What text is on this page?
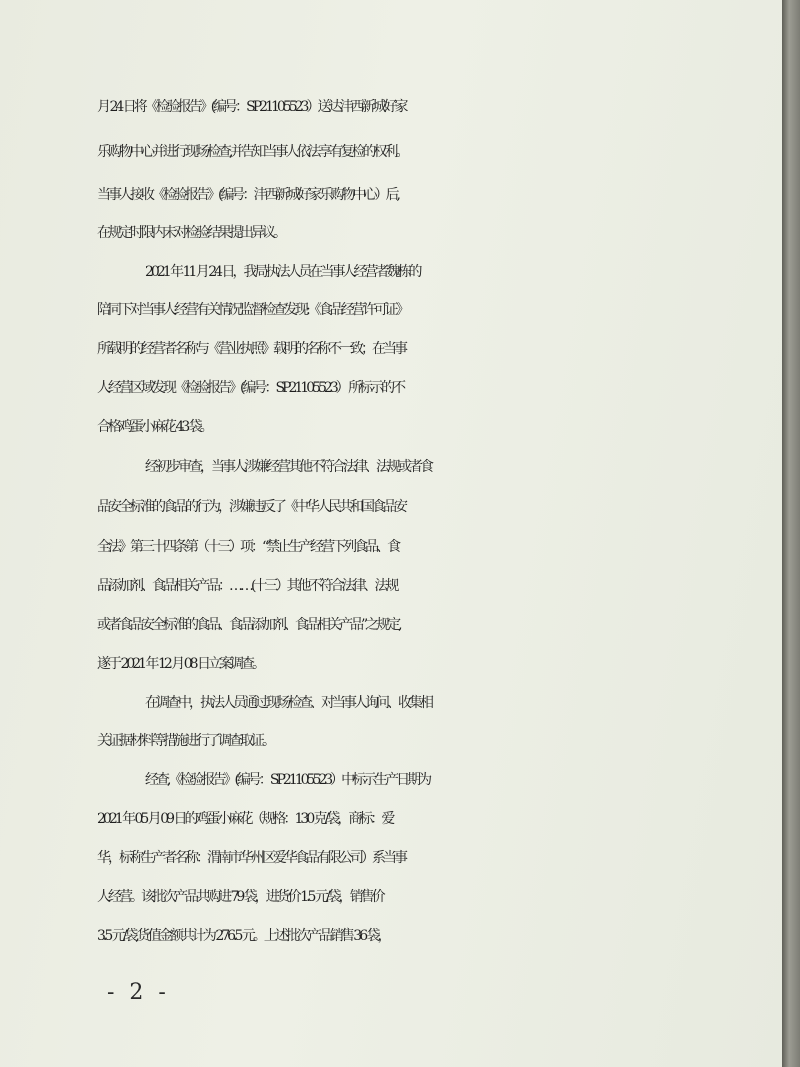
月 24 日将《检验报告》(编号：SP21105523）送达沣西新城好家
乐购物中心并进行现场检查,并告知当事人依法享有复检的权利。
当事人接收《检验报告》(编号：沣西新城好家乐购物中心）后,
在规定时限内未对检验结果提出异议。
2021 年 11 月 24 日，我局执法人员在当事人经营者魏栋的
陪同下对当事人经营有关情况监督检查发现:《食品经营许可证》
所载明的经营者名称与《营业执照》载明的名称不一致；在当事
人经营区域发现《检验报告》(编号：SP21105523） 所标示的不
合格鸡蛋小麻花 43 袋。
经初步审查，当事人涉嫌经营其他不符合法律、法规或者食
品安全标准的食品的行为，涉嫌违反了《中华人民共和国食品安
全法》第三十四条第（十三）项：“禁止生产经营下列食品、食
品添加剂、食品相关产品：……(十三）其他不符合法律、法规
或者食品安全标准的食品、食品添加剂、食品相关产品”之规定,
遂于 2021 年 12 月 08 日立案调查。
在调查中，执法人员通过现场检查、对当事人询问、收集相
关证据材料等措施进行了调查取证。
经查,《检验报告》(编号：SP21105523）中标示生产日期为
2021 年 05 月 09 日的鸡蛋小麻花（规格：130 克/袋，商标：爱
华，标称生产者名称：渭南市华州区爱华食品有限公司）系当事
人经营。该批次产品共购进 79 袋，进货价 1.5 元/袋，销售价
3.5 元/袋,货值金额共计为 276.5 元。上述批次产品销售 36 袋，
- 2 -
